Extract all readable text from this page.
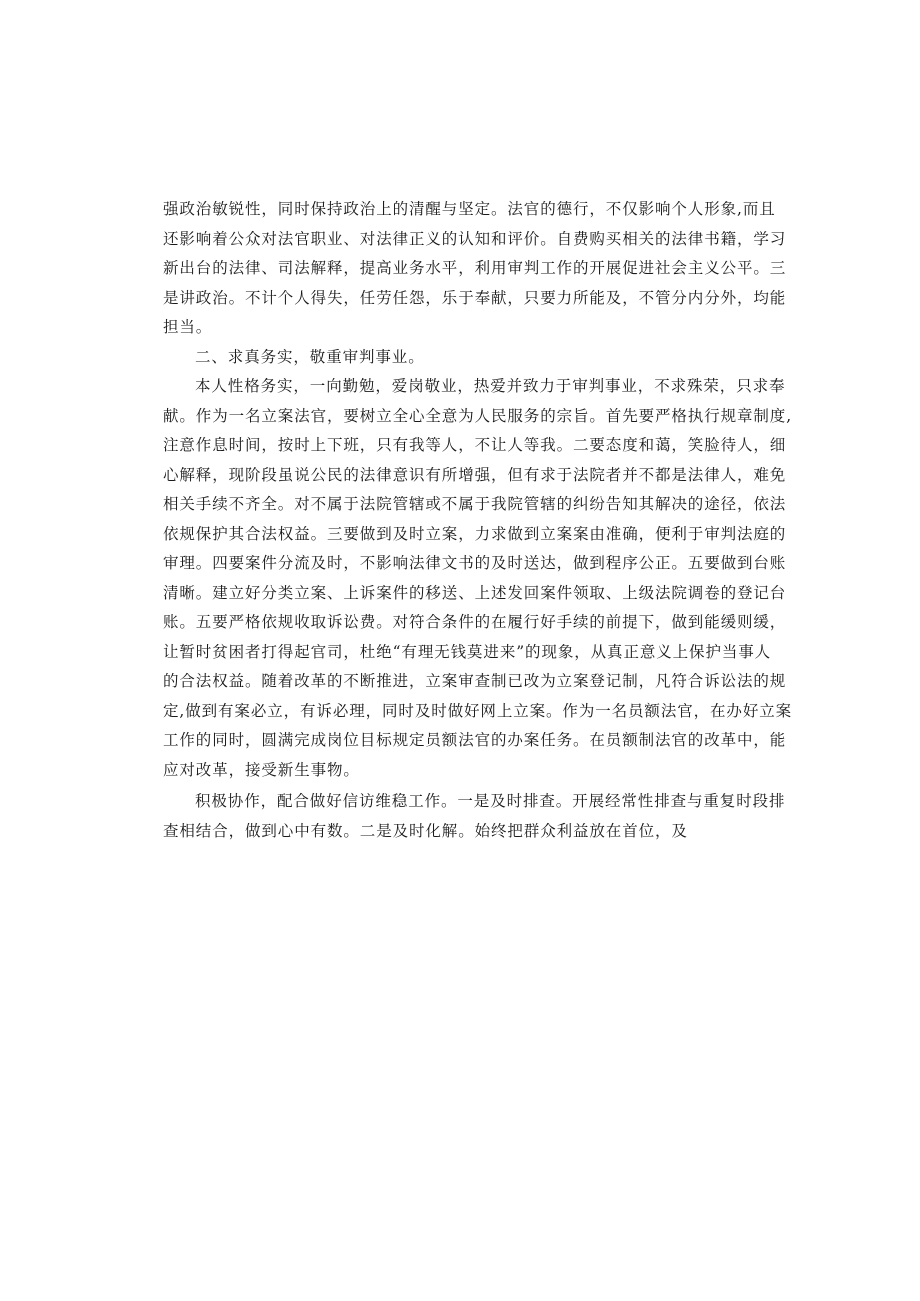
强政治敏锐性，同时保持政治上的清醒与坚定。法官的德行，不仅影响个人形象,而且
还影响着公众对法官职业、对法律正义的认知和评价。自费购买相关的法律书籍，学习
新出台的法律、司法解释，提高业务水平，利用审判工作的开展促进社会主义公平。三
是讲政治。不计个人得失，任劳任怨，乐于奉献，只要力所能及，不管分内分外，均能
担当。
二、求真务实，敬重审判事业。
本人性格务实，一向勤勉，爱岗敬业，热爱并致力于审判事业，不求殊荣，只求奉
献。作为一名立案法官，要树立全心全意为人民服务的宗旨。首先要严格执行规章制度,
注意作息时间，按时上下班，只有我等人，不让人等我。二要态度和蔼，笑脸待人，细
心解释，现阶段虽说公民的法律意识有所增强，但有求于法院者并不都是法律人，难免
相关手续不齐全。对不属于法院管辖或不属于我院管辖的纠纷告知其解决的途径，依法
依规保护其合法权益。三要做到及时立案，力求做到立案案由准确，便利于审判法庭的
审理。四要案件分流及时，不影响法律文书的及时送达，做到程序公正。五要做到台账
清晰。建立好分类立案、上诉案件的移送、上述发回案件领取、上级法院调卷的登记台
账。五要严格依规收取诉讼费。对符合条件的在履行好手续的前提下，做到能缓则缓，
让暂时贫困者打得起官司，杜绝“有理无钱莫进来”的现象，从真正意义上保护当事人
的合法权益。随着改革的不断推进，立案审查制已改为立案登记制，凡符合诉讼法的规
定,做到有案必立，有诉必理，同时及时做好网上立案。作为一名员额法官，在办好立案
工作的同时，圆满完成岗位目标规定员额法官的办案任务。在员额制法官的改革中，能
应对改革，接受新生事物。
积极协作，配合做好信访维稳工作。一是及时排查。开展经常性排查与重复时段排
查相结合，做到心中有数。二是及时化解。始终把群众利益放在首位，及
